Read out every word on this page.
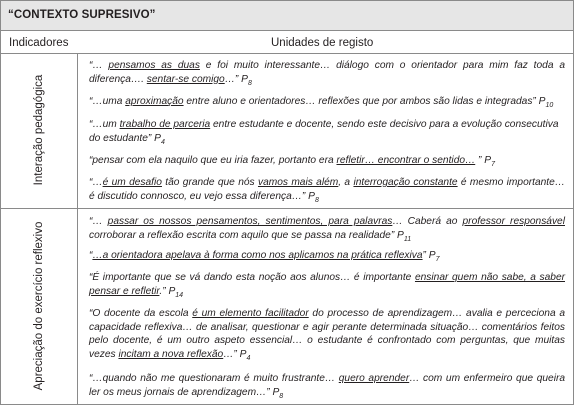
“CONTEXTO SUPRESIVO”
Indicadores	Unidades de registo
Interação pedagógica
Apreciação do exercício reflexivo
“… pensamos as duas e foi muito interessante… diálogo com o orientador para mim faz toda a diferença…. sentar-se comigo…” $P_8$
“…uma aproximação entre aluno e orientadores… reflexões que por ambos são lidas e integradas” $P_{10}$
“…um trabalho de parceria entre estudante e docente, sendo este decisivo para a evolução consecutiva do estudante” $P_4$
“pensar com ela naquilo que eu iria fazer, portanto era refletir… encontrar o sentido… ” $P_7$
“…é um desafio tão grande que nós vamos mais além, a interrogação constante é mesmo importante… é discutido connosco, eu vejo essa diferença…” $P_8$
“… passar os nossos pensamentos, sentimentos, para palavras… Caberá ao professor responsável corroborar a reflexão escrita com aquilo que se passa na realidade” $P_{11}$
“…a orientadora apelava à forma como nos aplicamos na prática reflexiva” $P_7$
“É importante que se vá dando esta noção aos alunos… é importante ensinar quem não sabe, a saber pensar e refletir.” $P_{14}$
“O docente da escola é um elemento facilitador do processo de aprendizagem… avalia e perceciona a capacidade reflexiva… de analisar, questionar e agir perante determinada situação… comentários feitos pelo docente, é um outro aspeto essencial… o estudante é confrontado com perguntas, que muitas vezes incitam a nova reflexão…” $P_4$
“…quando não me questionaram é muito frustrante… quero aprender… com um enfermeiro que queira ler os meus jornais de aprendizagem…” $P_8$
